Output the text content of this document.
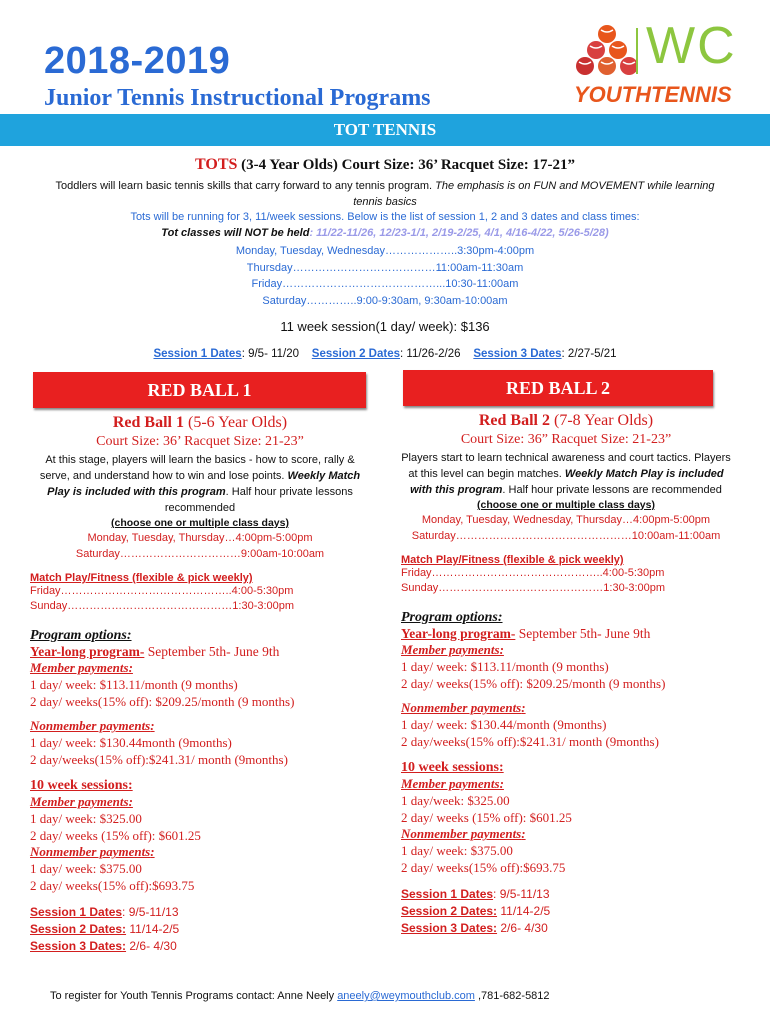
2018-2019
Junior Tennis Instructional Programs
WC
YOUTHTENNIS
TOT TENNIS
TOTS (3-4 Year Olds) Court Size: 36’ Racquet Size: 17-21”
Toddlers will learn basic tennis skills that carry forward to any tennis program. The emphasis is on FUN and MOVEMENT while learning tennis basics
Tots will be running for 3, 11/week sessions. Below is the list of session 1, 2 and 3 dates and class times:
Tot classes will NOT be held: 11/22-11/26, 12/23-1/1, 2/19-2/25, 4/1, 4/16-4/22, 5/26-5/28)
Monday, Tuesday, Wednesday………………..3:30pm-4:00pm
Thursday…………………………………11:00am-11:30am
Friday……………………………………...10:30-11:00am
Saturday…………..9:00-9:30am, 9:30am-10:00am
11 week session(1 day/ week): $136
Session 1 Dates: 9/5- 11/20 Session 2 Dates: 11/26-2/26 Session 3 Dates: 2/27-5/21
RED BALL 1	RED BALL 2
Red Ball 1 (5-6 Year Olds)
Court Size: 36’ Racquet Size: 21-23”
At this stage, players will learn the basics - how to score, rally & serve, and understand how to win and lose points. Weekly Match Play is included with this program. Half hour private lessons recommended
(choose one or multiple class days)
Monday, Tuesday, Thursday…4:00pm-5:00pm
Saturday……………………………9:00am-10:00am
Match Play/Fitness (flexible & pick weekly)
Friday………………………………………..4:00-5:30pm
Sunday………………………………………1:30-3:00pm
Program options:
Year-long program- September 5th- June 9th
Member payments:
1 day/ week: $113.11/month (9 months)
2 day/ weeks(15% off): $209.25/month (9 months)
Nonmember payments:
1 day/ week: $130.44month (9months)
2 day/weeks(15% off):$241.31/ month (9months)
10 week sessions:
Member payments:
1 day/ week: $325.00
2 day/ weeks (15% off): $601.25
Nonmember payments:
1 day/ week: $375.00
2 day/ weeks(15% off):$693.75
Session 1 Dates: 9/5-11/13
Session 2 Dates: 11/14-2/5
Session 3 Dates: 2/6- 4/30
Red Ball 2 (7-8 Year Olds)
Court Size: 36” Racquet Size: 21-23”
Players start to learn technical awareness and court tactics. Players at this level can begin matches. Weekly Match Play is included with this program. Half hour private lessons are recommended
(choose one or multiple class days)
Monday, Tuesday, Wednesday, Thursday…4:00pm-5:00pm
Saturday…………………………………………10:00am-11:00am
Match Play/Fitness (flexible & pick weekly)
Friday………………………………………..4:00-5:30pm
Sunday………………………………………1:30-3:00pm
Program options:
Year-long program- September 5th- June 9th
Member payments:
1 day/ week: $113.11/month (9 months)
2 day/ weeks(15% off): $209.25/month (9 months)
Nonmember payments:
1 day/ week: $130.44/month (9months)
2 day/weeks(15% off):$241.31/ month (9months)
10 week sessions:
Member payments:
1 day/week: $325.00
2 day/ weeks (15% off): $601.25
Nonmember payments:
1 day/ week: $375.00
2 day/ weeks(15% off):$693.75
Session 1 Dates: 9/5-11/13
Session 2 Dates: 11/14-2/5
Session 3 Dates: 2/6- 4/30
To register for Youth Tennis Programs contact: Anne Neely aneely@weymouthclub.com ,781-682-5812
